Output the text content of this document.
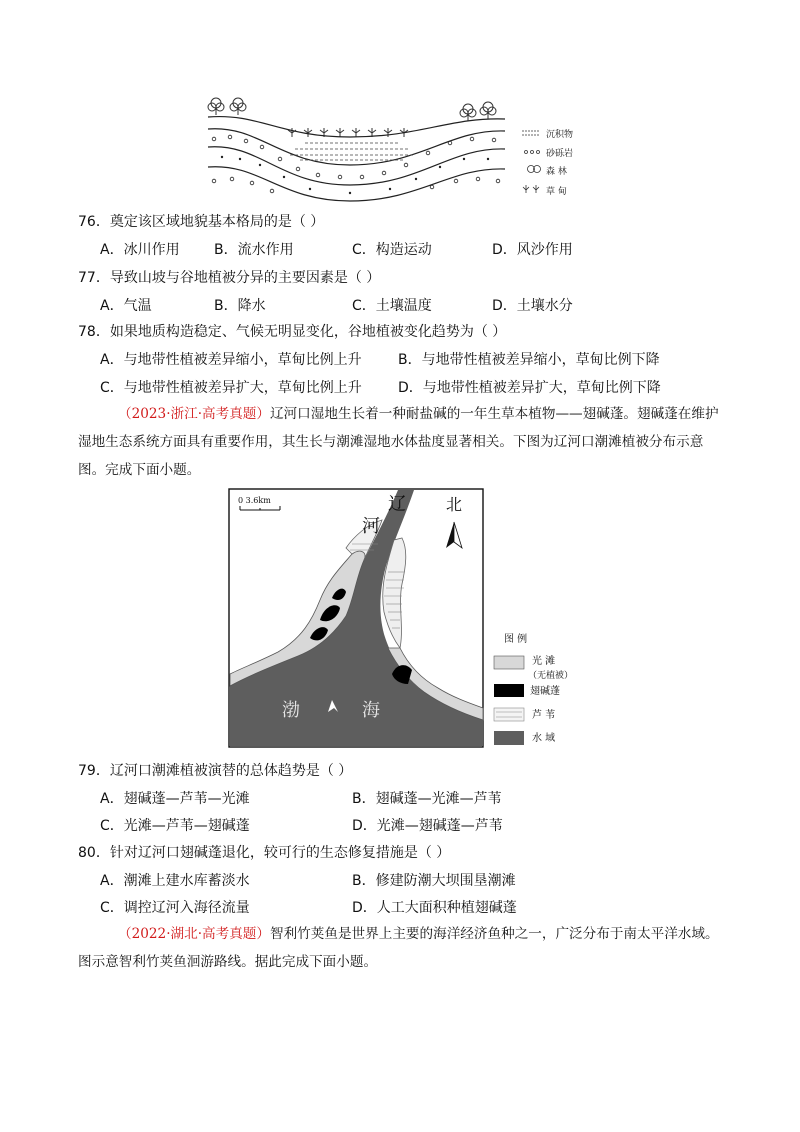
沉积物
砂砾岩
森 林
草 甸
76．奠定该区域地貌基本格局的是（ ）
A．冰川作用 B．流水作用	C．构造运动	D．风沙作用
77．导致山坡与谷地植被分异的主要因素是（ ）
A．气温	B．降水	C．土壤温度	D．土壤水分
78．如果地质构造稳定、气候无明显变化，谷地植被变化趋势为（ ）
A．与地带性植被差异缩小，草甸比例上升	B．与地带性植被差异缩小，草甸比例下降
C．与地带性植被差异扩大，草甸比例上升	D．与地带性植被差异扩大，草甸比例下降
（2023·浙江·高考真题）辽河口湿地生长着一种耐盐碱的一年生草本植物——翅碱蓬。翅碱蓬在维护
湿地生态系统方面具有重要作用，其生长与潮滩湿地水体盐度显著相关。下图为辽河口潮滩植被分布示意
图。完成下面小题。
0 3.6km	辽
河
北
渤	海
图 例
光 滩
（无植被）
翅碱蓬
芦 苇
水 域
79．辽河口潮滩植被演替的总体趋势是（ ）
A．翅碱蓬—芦苇—光滩	B．翅碱蓬—光滩—芦苇
C．光滩—芦苇—翅碱蓬	D．光滩—翅碱蓬—芦苇
80．针对辽河口翅碱蓬退化，较可行的生态修复措施是（ ）
A．潮滩上建水库蓄淡水	B．修建防潮大坝围垦潮滩
C．调控辽河入海径流量	D．人工大面积种植翅碱蓬
（2022·湖北·高考真题）智利竹荚鱼是世界上主要的海洋经济鱼种之一，广泛分布于南太平洋水域。
图示意智利竹荚鱼洄游路线。据此完成下面小题。
